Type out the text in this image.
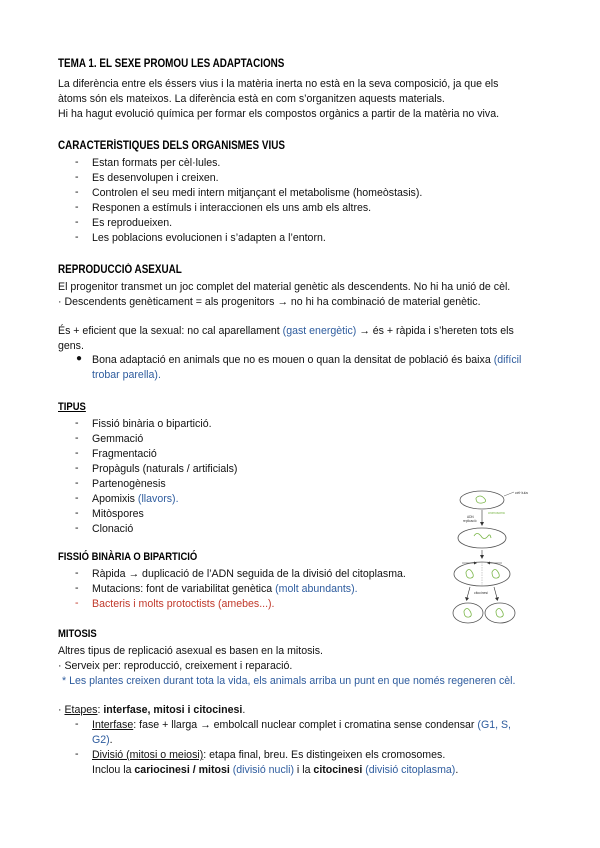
TEMA 1. EL SEXE PROMOU LES ADAPTACIONS
La diferència entre els éssers vius i la matèria inerta no està en la seva composició, ja que els
àtoms són els mateixos. La diferència està en com s’organitzen aquests materials.
Hi ha hagut evolució química per formar els compostos orgànics a partir de la matèria no viva.
CARACTERÍSTIQUES DELS ORGANISMES VIUS
- Estan formats per cèl·lules.
- Es desenvolupen i creixen.
- Controlen el seu medi intern mitjançant el metabolisme (homeòstasis).
- Responen a estímuls i interaccionen els uns amb els altres.
- Es reprodueixen.
- Les poblacions evolucionen i s’adapten a l’entorn.
REPRODUCCIÓ ASEXUAL
El progenitor transmet un joc complet del material genètic als descendents. No hi ha unió de cèl.
· Descendents genèticament = als progenitors → no hi ha combinació de material genètic.
És + eficient que la sexual: no cal aparellament (gast energètic) → és + ràpida i s’hereten tots els
gens.
● Bona adaptació en animals que no es mouen o quan la densitat de població és baixa (difícil
trobar parella).
TIPUS
- Fissió binària o bipartició.
- Gemmació
- Fragmentació
- Propàguls (naturals / artificials)
- Partenogènesis
- Apomixis (llavors).
- Mitòspores
- Clonació
FISSIÓ BINÀRIA O BIPARTICIÓ
- Ràpida → duplicació de l’ADN seguida de la divisió del citoplasma.
- Mutacions: font de variabilitat genètica (molt abundants).
- Bacteris i molts protoctists (amebes...).
MITOSIS
Altres tipus de replicació asexual es basen en la mitosis.
· Serveix per: reproducció, creixement i reparació.
* Les plantes creixen durant tota la vida, els animals arriba un punt en que només regeneren cèl.
· Etapes: interfase, mitosi i citocinesi.
- Interfase: fase + llarga → embolcall nuclear complet i cromatina sense condensar (G1, S,
G2).
- Divisió (mitosi o meiosi): etapa final, breu. Es distingeixen els cromosomes.
Inclou la cariocinesi / mitosi (divisió nucli) i la citocinesi (divisió citoplasma).
cèl·lula
ADN
replicació
cromosoma
citocinesi
